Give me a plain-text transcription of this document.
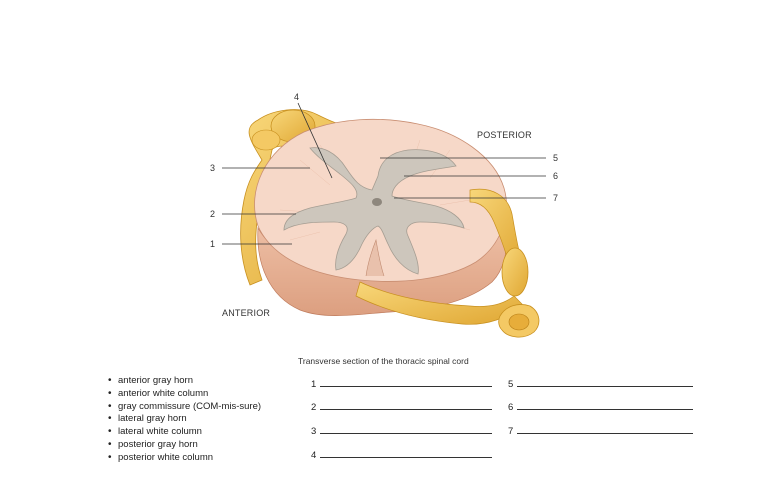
1
2
3
4
5
6
7
POSTERIOR
ANTERIOR
Transverse section of the thoracic spinal cord
• anterior gray horn
• anterior white column
• gray commissure (COM-mis-sure)
• lateral gray horn
• lateral white column
• posterior gray horn
• posterior white column
1
2
3
4
5
6
7
